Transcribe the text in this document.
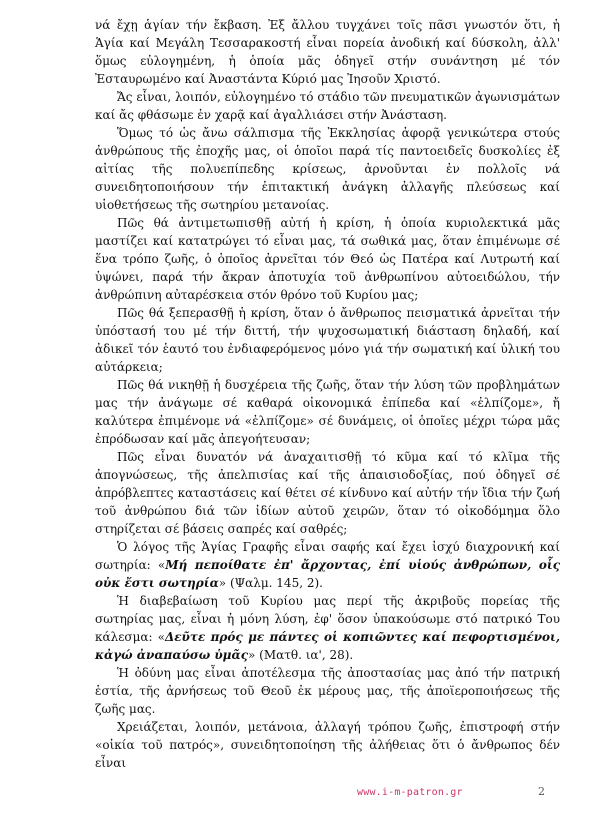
νά ἔχῃ ἁγίαν τήν ἔκβαση. Ἐξ ἄλλου τυγχάνει τοῖς πᾶσι γνωστόν ὅτι, ἡ Ἁγία καί Μεγάλη Τεσσαρακοστή εἶναι πορεία ἀνοδική καί δύσκολη, ἀλλ' ὅμως εὐλογημένη, ἡ ὁποία μᾶς ὁδηγεῖ στήν συνάντηση μέ τόν Ἐσταυρωμένο καί Ἀναστάντα Κύριό μας Ἰησοῦν Χριστό.

Ἄς εἶναι, λοιπόν, εὐλογημένο τό στάδιο τῶν πνευματικῶν ἀγωνισμάτων καί ἄς φθάσωμε ἐν χαρᾷ καί ἀγαλλιάσει στήν Ἀνάσταση.

Ὅμως τό ὡς ἄνω σάλπισμα τῆς Ἐκκλησίας ἀφορᾷ γενικώτερα στούς ἀνθρώπους τῆς ἐποχῆς μας, οἱ ὁποῖοι παρά τίς παντοειδεῖς δυσκολίες ἐξ αἰτίας τῆς πολυεπίπεδης κρίσεως, ἀρνοῦνται ἐν πολλοῖς νά συνειδητοποιήσουν τήν ἐπιτακτική ἀνάγκη ἀλλαγῆς πλεύσεως καί υἱοθετήσεως τῆς σωτηρίου μετανοίας.

Πῶς θά ἀντιμετωπισθῇ αὐτή ἡ κρίση, ἡ ὁποία κυριολεκτικά μᾶς μαστίζει καί κατατρώγει τό εἶναι μας, τά σωθικά μας, ὅταν ἐπιμένωμε σέ ἕνα τρόπο ζωῆς, ὁ ὁποῖος ἀρνεῖται τόν Θεό ὡς Πατέρα καί Λυτρωτή καί ὑψώνει, παρά τήν ἄκραν ἀποτυχία τοῦ ἀνθρωπίνου αὐτοειδώλου, τήν ἀνθρώπινη αὐταρέσκεια στόν θρόνο τοῦ Κυρίου μας;

Πῶς θά ξεπερασθῇ ἡ κρίση, ὅταν ὁ ἄνθρωπος πεισματικά ἀρνεῖται τήν ὑπόστασή του μέ τήν διττή, τήν ψυχοσωματική διάσταση δηλαδή, καί ἀδικεῖ τόν ἑαυτό του ἐνδιαφερόμενος μόνο γιά τήν σωματική καί ὑλική του αὐτάρκεια;

Πῶς θά νικηθῇ ἡ δυσχέρεια τῆς ζωῆς, ὅταν τήν λύση τῶν προβλημάτων μας τήν ἀνάγωμε σέ καθαρά οἰκονομικά ἐπίπεδα καί «ἐλπίζομε», ἤ καλύτερα ἐπιμένομε νά «ἐλπίζομε» σέ δυνάμεις, οἱ ὁποῖες μέχρι τώρα μᾶς ἐπρόδωσαν καί μᾶς ἀπεγοήτευσαν;

Πῶς εἶναι δυνατόν νά ἀναχαιτισθῇ τό κῦμα καί τό κλῖμα τῆς ἀπογνώσεως, τῆς ἀπελπισίας καί τῆς ἀπαισιοδοξίας, πού ὁδηγεῖ σέ ἀπρόβλεπτες καταστάσεις καί θέτει σέ κίνδυνο καί αὐτήν τήν ἴδια τήν ζωή τοῦ ἀνθρώπου διά τῶν ἰδίων αὐτοῦ χειρῶν, ὅταν τό οἰκοδόμημα ὅλο στηρίζεται σέ βάσεις σαπρές καί σαθρές;

Ὁ λόγος τῆς Ἁγίας Γραφῆς εἶναι σαφής καί ἔχει ἰσχύ διαχρονική καί σωτηρία: «Μή πεποίθατε ἐπ' ἄρχοντας, ἐπί υἱούς ἀνθρώπων, οἷς οὐκ ἔστι σωτηρία» (Ψαλμ. 145, 2).

Ἡ διαβεβαίωση τοῦ Κυρίου μας περί τῆς ἀκριβοῦς πορείας τῆς σωτηρίας μας, εἶναι ἡ μόνη λύση, ἐφ' ὅσον ὑπακούσωμε στό πατρικό Του κάλεσμα: «Δεῦτε πρός με πάντες οἱ κοπιῶντες καί πεφορτισμένοι, κἀγώ ἀναπαύσω ὑμᾶς» (Ματθ. ια', 28).

Ἡ ὀδύνη μας εἶναι ἀποτέλεσμα τῆς ἀποστασίας μας ἀπό τήν πατρική ἑστία, τῆς ἀρνήσεως τοῦ Θεοῦ ἐκ μέρους μας, τῆς ἀποϊεροποιήσεως τῆς ζωῆς μας.

Χρειάζεται, λοιπόν, μετάνοια, ἀλλαγή τρόπου ζωῆς, ἐπιστροφή στήν «οἰκία τοῦ πατρός», συνειδητοποίηση τῆς ἀλήθειας ὅτι ὁ ἄνθρωπος δέν εἶναι

www.i-m-patron.gr	2
